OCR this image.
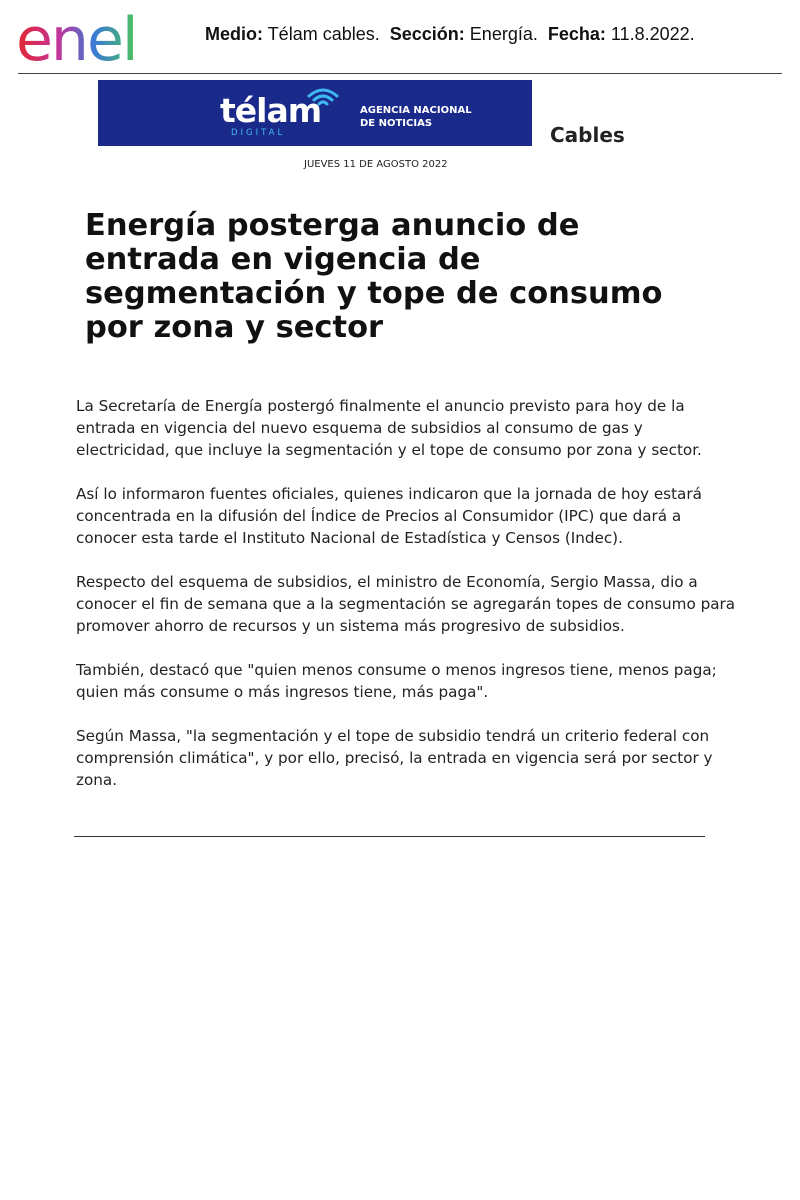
enel	Medio: Télam cables. Sección: Energía. Fecha: 11.8.2022.
télam
DIGITAL
AGENCIA NACIONAL
DE NOTICIAS	Cables
JUEVES 11 DE AGOSTO 2022
Energía posterga anuncio de entrada en vigencia de segmentación y tope de consumo por zona y sector

La Secretaría de Energía postergó finalmente el anuncio previsto para hoy de la entrada en vigencia del nuevo esquema de subsidios al consumo de gas y electricidad, que incluye la segmentación y el tope de consumo por zona y sector.

Así lo informaron fuentes oficiales, quienes indicaron que la jornada de hoy estará concentrada en la difusión del Índice de Precios al Consumidor (IPC) que dará a conocer esta tarde el Instituto Nacional de Estadística y Censos (Indec).

Respecto del esquema de subsidios, el ministro de Economía, Sergio Massa, dio a conocer el fin de semana que a la segmentación se agregarán topes de consumo para promover ahorro de recursos y un sistema más progresivo de subsidios.

También, destacó que "quien menos consume o menos ingresos tiene, menos paga; quien más consume o más ingresos tiene, más paga".

Según Massa, "la segmentación y el tope de subsidio tendrá un criterio federal con comprensión climática", y por ello, precisó, la entrada en vigencia será por sector y zona.
